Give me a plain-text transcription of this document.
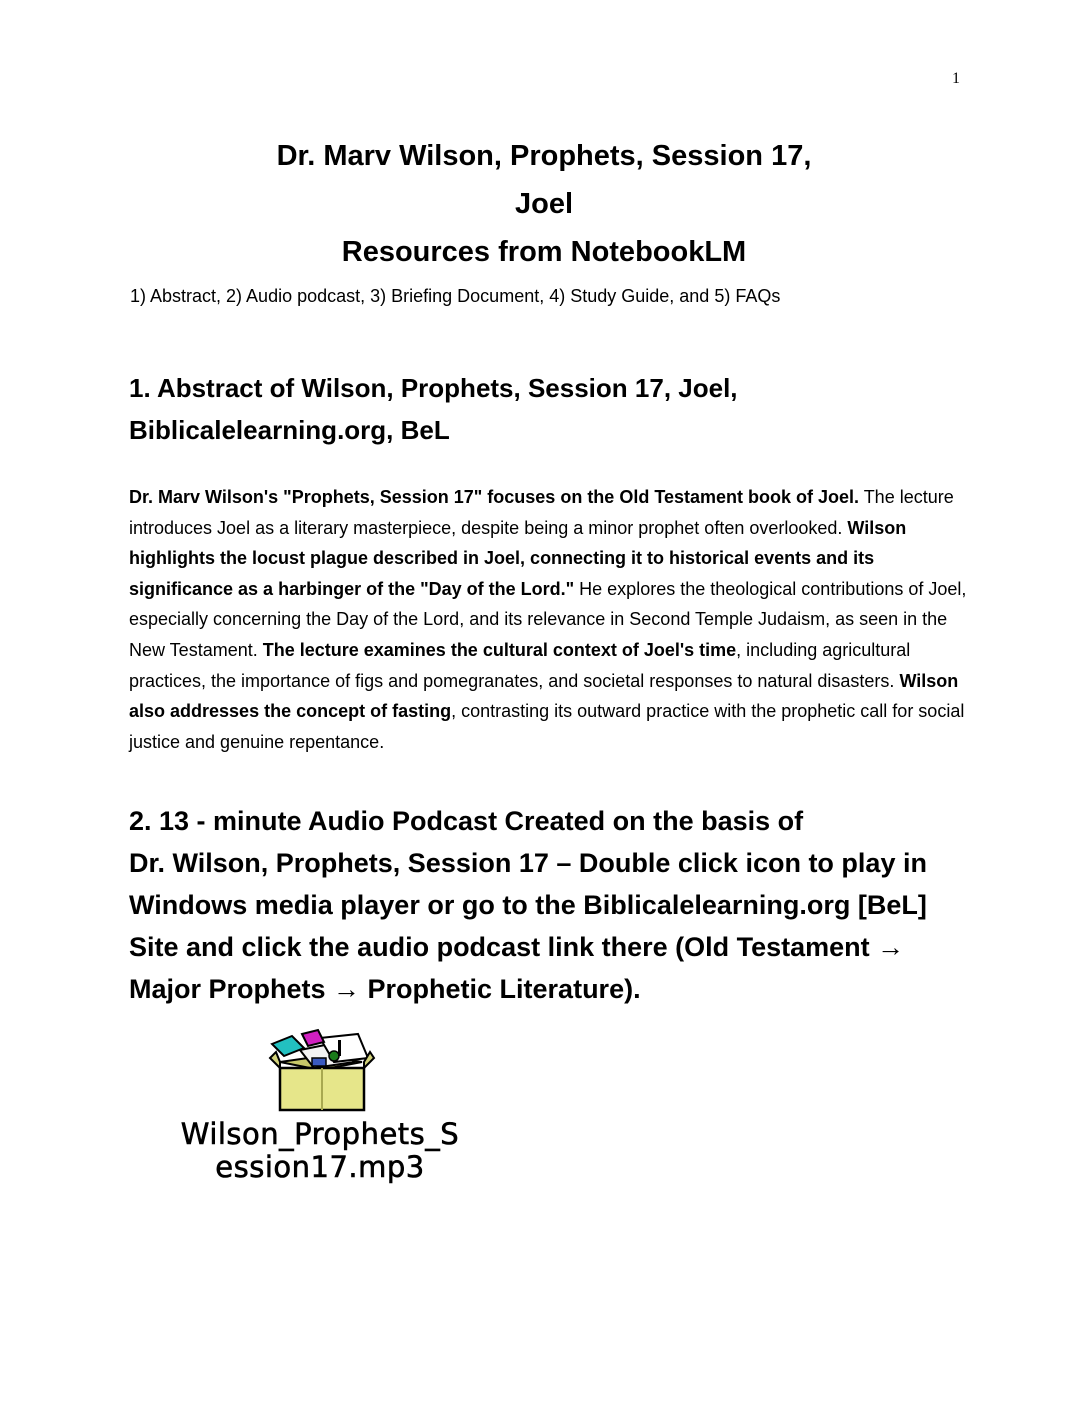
1
Dr. Marv Wilson, Prophets, Session 17,
Joel
Resources from NotebookLM
1) Abstract, 2) Audio podcast, 3) Briefing Document, 4) Study Guide, and 5) FAQs
1. Abstract of Wilson, Prophets, Session 17, Joel,
Biblicalelearning.org, BeL
Dr. Marv Wilson's "Prophets, Session 17" focuses on the Old Testament book of Joel. The lecture introduces Joel as a literary masterpiece, despite being a minor prophet often overlooked. Wilson highlights the locust plague described in Joel, connecting it to historical events and its significance as a harbinger of the "Day of the Lord." He explores the theological contributions of Joel, especially concerning the Day of the Lord, and its relevance in Second Temple Judaism, as seen in the New Testament. The lecture examines the cultural context of Joel's time, including agricultural practices, the importance of figs and pomegranates, and societal responses to natural disasters. Wilson also addresses the concept of fasting, contrasting its outward practice with the prophetic call for social justice and genuine repentance.
2. 13 - minute Audio Podcast Created on the basis of
Dr. Wilson, Prophets, Session 17 – Double click icon to play in
Windows media player or go to the Biblicalelearning.org [BeL]
Site and click the audio podcast link there (Old Testament →
Major Prophets → Prophetic Literature).
Wilson_Prophets_S
ession17.mp3
